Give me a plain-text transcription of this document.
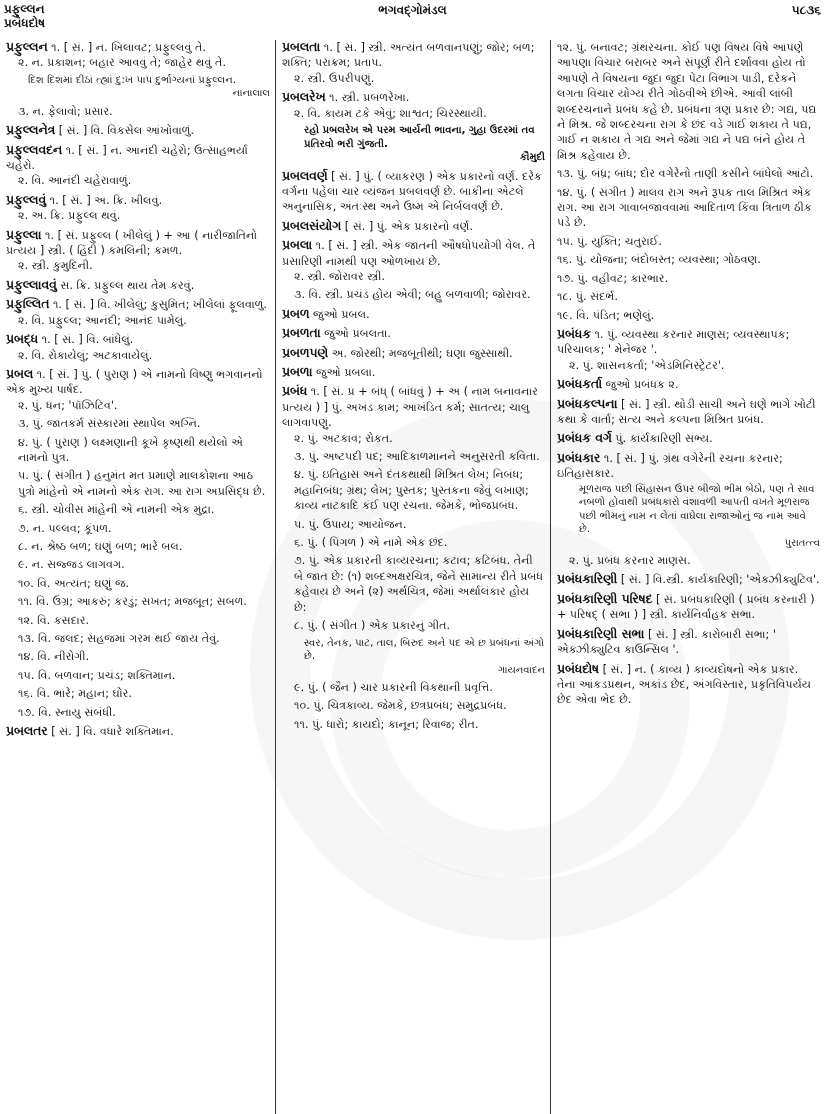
પ્રફુલ્લન
પ્રબંધદોષ
ભગવદ્ગોમંડલ	૫૮૩૬
પ્રફુલ્લન ૧. [ સં. ] ન. ખિલાવટ; પ્રફુલ્લવું તે.
૨. ન. પ્રકાશન; બહાર આવવું તે; જાહેર થવું તે.
દિશ દિશમાં દીઠાં ત્હ્યાં દુ:ખ પાપ દુર્ભાગ્યનાં પ્રફુલ્લન.
નાનાલાલ
૩. ન. ફેલાવો; પ્રસાર.
પ્રફુલ્લનેત્ર [ સં. ] વિ. વિકસેલ આંખોવાળું.
પ્રફુલ્લવદન ૧. [ સં. ] ન. આનંદી ચહેરો; ઉત્સાહભર્યા ચહેરો.
૨. વિ. આનંદી ચહેરાવાળું.
પ્રફુલ્લવું ૧. [ સં. ] અ. ક્રિ. ખીલવું.
૨. અ. ક્રિ. પ્રફુલ્લ થવું.
પ્રફુલ્લા ૧. [ સં. પ્રફુલ્લ ( ખીલેલું ) + આ ( નારીજાતિનો પ્રત્યય ] સ્ત્રી. ( હિંદી ) કમલિની; કમળ.
૨. સ્ત્રી. કુમુદિની.
પ્રફુલ્લાવવું સ. ક્રિ. પ્રફુલ્લ થાય તેમ કરવું.
પ્રફુલ્લિત ૧. [ સં. ] વિ. ખીલેલું; કુસુમિત; ખીલેલાં ફૂલવાળું.
૨. વિ. પ્રફુલ્લ; આનંદી; આનંદ પામેલું.
પ્રબદ્ધ ૧. [ સં. ] વિ. બાંધેલું.
૨. વિ. રોકાયેલું; અટકાવાયેલું.
પ્રબલ ૧. [ સં. ] પું. ( પુરાણ ) એ નામનો વિષ્ણુ ભગવાનનો એક મુખ્ય પાર્ષદ.
૨. પું. ધન; 'પૉઝિટિવ'.
૩. પું. જાતકર્મ સંસ્કારમાં સ્થાપેલ અગ્નિ.
૪. પું. ( પુરાણ ) લક્ષ્મણાની કૂખે કૃષ્ણથી થયેલો એ નામનો પુત્ર.
૫. પું. ( સંગીત ) હનુમંત મત પ્રમાણે માલકોશના આઠ પુત્રો માંહેનો એ નામનો એક રાગ. આ રાગ અપ્રસિદ્ધ છે.
૬. સ્ત્રી. ચોવીસ માંહેની એ નામની એક મુદ્રા.
૭. ન. પલ્લવ; કૂંપળ.
૮. ન. શ્રેષ્ઠ બળ; ઘણું બળ; ભારે બલ.
૯. ન. સજ્જડ લાગવગ.
૧૦. વિ. અત્યંત; ઘણું જ.
૧૧. વિ. ઉગ્ર; આકરું; કરડું; સખત; મજબૂત; સબળ.
૧૨. વિ. કસદાર.
૧૩. વિ. જલદ; સહજમાં ગરમ થઈ જાય તેવું.
૧૪. વિ. નીરોગી.
૧૫. વિ. બળવાન; પ્રચંડ; શક્તિમાન.
૧૬. વિ. ભારે; મહાન; ઘોર.
૧૭. વિ. સ્નાયુ સંબંધી.
પ્રબલતર [ સં. ] વિ. વધારે શક્તિમાન.
પ્રબલતા ૧. [ સં. ] સ્ત્રી. અત્યંત બળવાનપણું; જોર; બળ; શક્તિ; પરાક્રમ; પ્રતાપ.
૨. સ્ત્રી. ઉપરીપણું.
પ્રબલરેખ ૧. સ્ત્રી. પ્રબળરેખા.
૨. વિ. કાયમ ટકે એવું; શાશ્વત; ચિરસ્થાયી.
રહો પ્રબલરેખ એ પરમ આર્યની ભાવના, ગુહા ઉદરમાં તવ પ્રતિરવો ભરી ગુંજતી.
કૌમુદી
પ્રબલવર્ણ [ સં. ] પું. ( વ્યાકરણ ) એક પ્રકારનો વર્ણ. દરેક વર્ગના પહેલા ચાર વ્યંજન પ્રબલવર્ણ છે. બાકીના એટલે અનુનાસિક, અંતઃસ્થ અને ઉષ્મ એ નિર્બલવર્ણ છે.
પ્રબલસંયોગ [ સં. ] પું. એક પ્રકારનો વર્ણ.
પ્રબલા ૧. [ સં. ] સ્ત્રી. એક જાતની ઔષધોપયોગી વેલ. તે પ્રસારિણી નામથી પણ ઓળખાય છે.
૨. સ્ત્રી. જોરાવર સ્ત્રી.
૩. વિ. સ્ત્રી. પ્રચંડ હોય એવી; બહુ બળવાળી; જોરાવર.
પ્રબળ જુઓ પ્રબલ.
પ્રબળતા જુઓ પ્રબલતા.
પ્રબળપણે અ. જોરથી; મજબૂતીથી; ઘણા જુસ્સાથી.
પ્રબળા જુઓ પ્રબલા.
પ્રબંધ ૧. [ સં. પ્ર + બંધ્ ( બાંધવું ) + અ ( નામ બનાવનાર પ્રત્યય ) ] પું. અખંડ કામ; આખંડિત કર્મ; સાતત્ય; ચાલુ લાગવાપણું.
૨. પું. અટકાવ; રોકત.
૩. પું. અષ્ટપદી પદ; આદિકાળમાનને અનુસરતી કવિતા.
૪. પું. ઇતિહાસ અને દંતકથાથી મિશ્રિત લેખ; નિબંધ; મહાનિબંધ; ગ્રંથ; લેખ; પુસ્તક; પુસ્તકના જેવું લખાણ; કાવ્ય નાટકાદિ કંઈ પણ રચના. જેમકે, ભોજપ્રબંધ.
૫. પું. ઉપાય; આયોજન.
૬. પું. ( પિંગળ ) એ નામે એક છંદ.
૭. પું. એક પ્રકારની કાવ્યરચના; કટાવ; કટિબંધ. તેની બે જાત છે: (૧) શબ્દઅક્ષરચિત્ર, જેને સામાન્ય રીતે પ્રબંધ કહેવાય છે અને (૨) અર્થચિત્ર, જેમાં અર્થાલંકાર હોય છે:
૮. પું. ( સંગીત ) એક પ્રકારનું ગીત.
સ્વર, તેનક, પાટ, તાલ, બિરુદ અને પદ એ છ પ્રબંધનાં અંગો છે.
ગાયનવાદન
૯. પું. ( જૈન ) ચાર પ્રકારની વિકથાની પ્રવૃત્તિ.
૧૦. પું. ચિત્રકાવ્ય. જેમકે, છત્રપ્રબંધ; સમુદ્રપ્રબંધ.
૧૧. પું. ધારો; કાયદો; કાનૂન; રિવાજ; રીત.
૧૨. પું. બનાવટ; ગ્રંથરચના. કોઈ પણ વિષય વિષે આપણે આપણા વિચાર બરાબર અને સંપૂર્ણ રીતે દર્શાવવા હોય તો આપણે તે વિષયના જુદા જુદા પેટા વિભાગ પાડી, દરેકને લગતા વિચાર યોગ્ય રીતે ગોઠવીએ છીએ. આવી લાંબી શબ્દરચનાને પ્રબંધ કહે છે. પ્રબંધના ત્રણ પ્રકાર છે: ગદ્ય, પદ્ય ને મિશ્ર. જે શબ્દરચના રાગ કે છંદ વડે ગાઈ શકાય તે પદ્ય, ગાઈ ન શકાય તે ગદ્ય અને જેમાં ગદ્ય ને પદ્ય બંને હોય તે મિશ્ર કહેવાય છે.
૧૩. પું. બંધ્ર; બાંધ; દોર વગેરેનો તાણી કસીને બાંધેલો આંટો.
૧૪. પું. ( સંગીત ) માલવ રાગ અને રૂપક તાલ મિશ્રિત એક રાગ. આ રાગ ગાવાબજાવવામાં આદિતાળ કિંવા ત્રિતાળ ઠીક પડે છે.
૧૫. પું. યુક્તિ; ચતુરાઈ.
૧૬. પું. યોજના; બંદોબસ્ત; વ્યવસ્થા; ગોઠવણ.
૧૭. પું. વહીવટ; કારભાર.
૧૮. પું. સંદર્ભ.
૧૯. વિ. પંડિત; ભણેલું.
પ્રબંધક ૧. પું. વ્યવસ્થા કરનાર માણસ; વ્યવસ્થાપક; પરિચાલક; ' મેનેજર '.
૨. પું. શાસનકર્તા; 'એડમિનિસ્ટ્રેટર'.
પ્રબંધકર્તા જુઓ પ્રબંધક ૨.
પ્રબંધકલ્પના [ સં. ] સ્ત્રી. થોડી સાચી અને ઘણે ભાગે ખોટી કથા કે વાર્તા; સત્ય અને કલ્પના મિશ્રિત પ્રબંધ.
પ્રબંધક વર્ગ પું. કાર્યકારિણી સભ્ય.
પ્રબંધકાર ૧. [ સં. ] પું. ગ્રંથ વગેરેની રચના કરનાર; ઇતિહાસકાર.
મૂળરાજ પછી સિંહાસન ઉપર બીજો ભીમ બેઠો, પણ તે સાવ નબળો હોવાથી પ્રબંધકારો વંશાવળી આપતી વખતે મૂળરાજ પછી ભીમનું નામ ન લેતાં વાઘેલા રાજાઓનું જ નામ આવે છે.
પુરાતત્ત્વ
૨. પું. પ્રબંધ કરનાર માણસ.
પ્રબંધકારિણી [ સં. ] વિ.સ્ત્રી. કાર્યકારિણી; 'એક્ઝીક્યુટિવ'.
પ્રબંધકારિણી પરિષદ [ સં. પ્રબંધકારિણી ( પ્રબંધ કરનારી ) + પરિષદ્ ( સભા ) ] સ્ત્રી. કાર્યનિર્વાહક સભા.
પ્રબંધકારિણી સભા [ સં. ] સ્ત્રી. કારોબારી સભા; ' એક્ઝીક્યુટિવ કાઉન્સિલ '.
પ્રબંધદોષ [ સં. ] ન. ( કાવ્ય ) કાવ્યદોષનો એક પ્રકાર. તેના આંકડપ્રથન, અકાંડ છેદ, અંગવિસ્તાર, પ્રકૃતિવિપર્યય છેદ એવા ભેદ છે.
